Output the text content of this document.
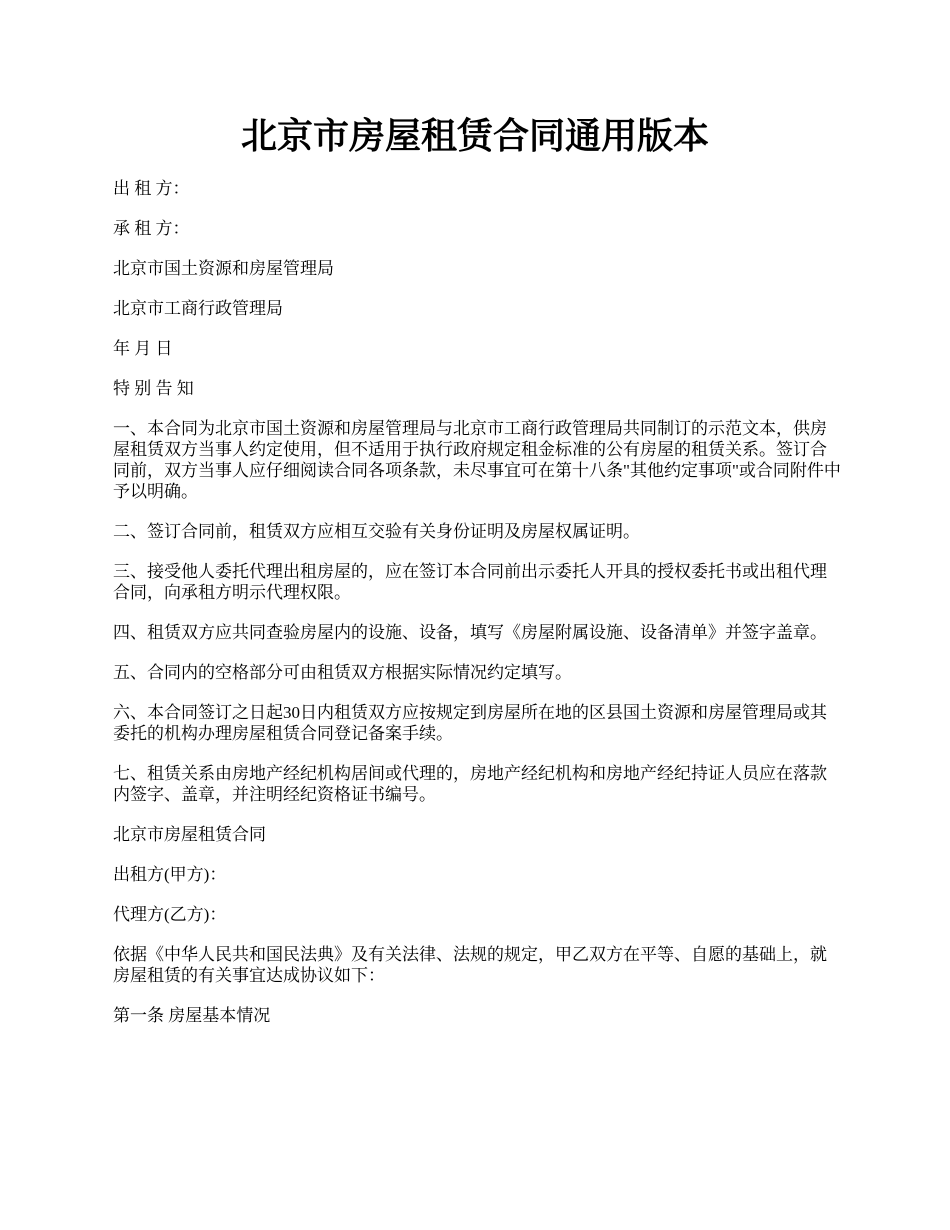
北京市房屋租赁合同通用版本

出 租 方：

承 租 方：

北京市国土资源和房屋管理局

北京市工商行政管理局

年 月 日

特 别 告 知

一、本合同为北京市国土资源和房屋管理局与北京市工商行政管理局共同制订的示范文本，供房屋租赁双方当事人约定使用，但不适用于执行政府规定租金标准的公有房屋的租赁关系。签订合同前，双方当事人应仔细阅读合同各项条款，未尽事宜可在第十八条"其他约定事项"或合同附件中予以明确。

二、签订合同前，租赁双方应相互交验有关身份证明及房屋权属证明。

三、接受他人委托代理出租房屋的，应在签订本合同前出示委托人开具的授权委托书或出租代理合同，向承租方明示代理权限。

四、租赁双方应共同查验房屋内的设施、设备，填写《房屋附属设施、设备清单》并签字盖章。

五、合同内的空格部分可由租赁双方根据实际情况约定填写。

六、本合同签订之日起30日内租赁双方应按规定到房屋所在地的区县国土资源和房屋管理局或其委托的机构办理房屋租赁合同登记备案手续。

七、租赁关系由房地产经纪机构居间或代理的，房地产经纪机构和房地产经纪持证人员应在落款内签字、盖章，并注明经纪资格证书编号。

北京市房屋租赁合同

出租方(甲方)：

代理方(乙方)：

依据《中华人民共和国民法典》及有关法律、法规的规定，甲乙双方在平等、自愿的基础上，就房屋租赁的有关事宜达成协议如下：

第一条 房屋基本情况
